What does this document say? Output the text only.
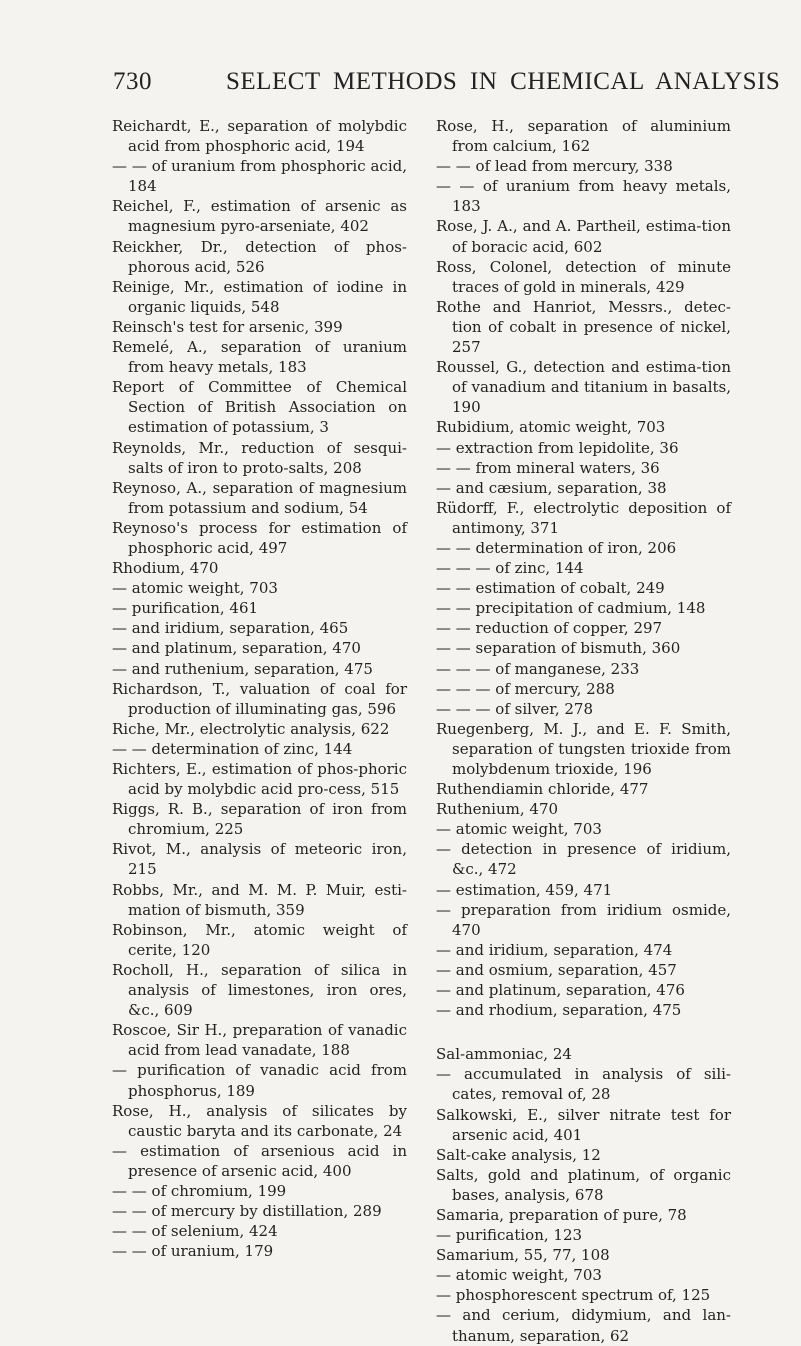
730	SELECT METHODS IN CHEMICAL ANALYSIS
Reichardt, E., separation of molybdic acid from phosphoric acid, 194
— — of uranium from phosphoric acid, 184
Reichel, F., estimation of arsenic as magnesium pyro-arseniate, 402
Reickher, Dr., detection of phos-phorous acid, 526
Reinige, Mr., estimation of iodine in organic liquids, 548
Reinsch's test for arsenic, 399
Remelé, A., separation of uranium from heavy metals, 183
Report of Committee of Chemical Section of British Association on estimation of potassium, 3
Reynolds, Mr., reduction of sesqui-salts of iron to proto-salts, 208
Reynoso, A., separation of magnesium from potassium and sodium, 54
Reynoso's process for estimation of phosphoric acid, 497
Rhodium, 470
— atomic weight, 703
— purification, 461
— and iridium, separation, 465
— and platinum, separation, 470
— and ruthenium, separation, 475
Richardson, T., valuation of coal for production of illuminating gas, 596
Riche, Mr., electrolytic analysis, 622
— — determination of zinc, 144
Richters, E., estimation of phos-phoric acid by molybdic acid pro-cess, 515
Riggs, R. B., separation of iron from chromium, 225
Rivot, M., analysis of meteoric iron, 215
Robbs, Mr., and M. M. P. Muir, esti-mation of bismuth, 359
Robinson, Mr., atomic weight of cerite, 120
Rocholl, H., separation of silica in analysis of limestones, iron ores, &c., 609
Roscoe, Sir H., preparation of vanadic acid from lead vanadate, 188
— purification of vanadic acid from phosphorus, 189
Rose, H., analysis of silicates by caustic baryta and its carbonate, 24
— estimation of arsenious acid in presence of arsenic acid, 400
— — of chromium, 199
— — of mercury by distillation, 289
— — of selenium, 424
— — of uranium, 179
Rose, H., separation of aluminium from calcium, 162
— — of lead from mercury, 338
— — of uranium from heavy metals, 183
Rose, J. A., and A. Partheil, estima-tion of boracic acid, 602
Ross, Colonel, detection of minute traces of gold in minerals, 429
Rothe and Hanriot, Messrs., detec-tion of cobalt in presence of nickel, 257
Roussel, G., detection and estima-tion of vanadium and titanium in basalts, 190
Rubidium, atomic weight, 703
— extraction from lepidolite, 36
— — from mineral waters, 36
— and cæsium, separation, 38
Rüdorff, F., electrolytic deposition of antimony, 371
— — determination of iron, 206
— — — of zinc, 144
— — estimation of cobalt, 249
— — precipitation of cadmium, 148
— — reduction of copper, 297
— — separation of bismuth, 360
— — — of manganese, 233
— — — of mercury, 288
— — — of silver, 278
Ruegenberg, M. J., and E. F. Smith, separation of tungsten trioxide from molybdenum trioxide, 196
Ruthendiamin chloride, 477
Ruthenium, 470
— atomic weight, 703
— detection in presence of iridium, &c., 472
— estimation, 459, 471
— preparation from iridium osmide, 470
— and iridium, separation, 474
— and osmium, separation, 457
— and platinum, separation, 476
— and rhodium, separation, 475
Sal-ammoniac, 24
— accumulated in analysis of sili-cates, removal of, 28
Salkowski, E., silver nitrate test for arsenic acid, 401
Salt-cake analysis, 12
Salts, gold and platinum, of organic bases, analysis, 678
Samaria, preparation of pure, 78
— purification, 123
Samarium, 55, 77, 108
— atomic weight, 703
— phosphorescent spectrum of, 125
— and cerium, didymium, and lan-thanum, separation, 62
